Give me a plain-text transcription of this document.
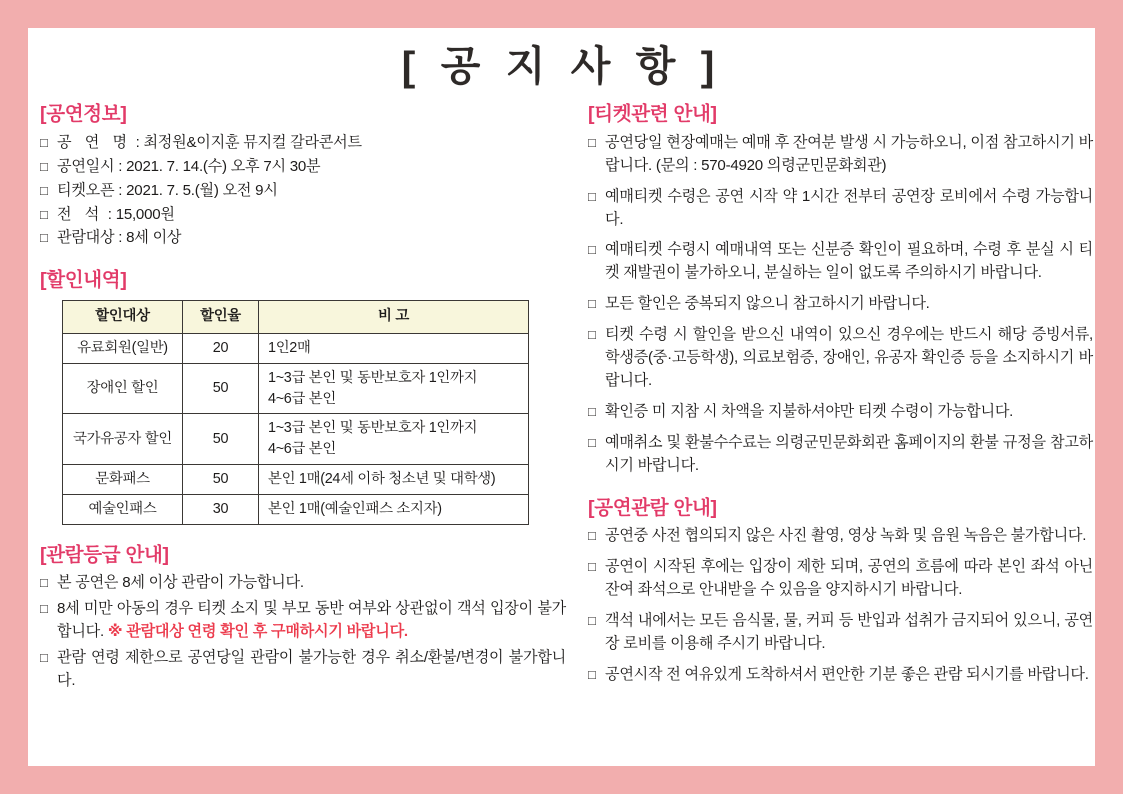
[ 공 지 사 항 ]
[공연정보]
□ 공 연 명 : 최정원&이지훈 뮤지컬 갈라콘서트
□ 공연일시 : 2021. 7. 14.(수) 오후 7시 30분
□ 티켓오픈 : 2021. 7. 5.(월) 오전 9시
□ 전 석 : 15,000원
□ 관람대상 : 8세 이상
[할인내역]
할인대상	할인율	비 고
유료회원(일반)	20	1인2매
장애인 할인	50	1~3급 본인 및 동반보호자 1인까지
4~6급 본인
국가유공자 할인	50	1~3급 본인 및 동반보호자 1인까지
4~6급 본인
문화패스	50	본인 1매(24세 이하 청소년 및 대학생)
예술인패스	30	본인 1매(예술인패스 소지자)
[관람등급 안내]
□ 본 공연은 8세 이상 관람이 가능합니다.
□ 8세 미만 아동의 경우 티켓 소지 및 부모 동반 여부와 상관없이 객석 입장이 불가 합니다. ※ 관람대상 연령 확인 후 구매하시기 바랍니다.
□ 관람 연령 제한으로 공연당일 관람이 불가능한 경우 취소/환불/변경이 불가합니다.
[티켓관련 안내]
□ 공연당일 현장예매는 예매 후 잔여분 발생 시 가능하오니, 이점 참고하시기 바랍니다. (문의 : 570-4920 의령군민문화회관)
□ 예매티켓 수령은 공연 시작 약 1시간 전부터 공연장 로비에서 수령 가능합니다.
□ 예매티켓 수령시 예매내역 또는 신분증 확인이 필요하며, 수령 후 분실 시 티켓 재발권이 불가하오니, 분실하는 일이 없도록 주의하시기 바랍니다.
□ 모든 할인은 중복되지 않으니 참고하시기 바랍니다.
□ 티켓 수령 시 할인을 받으신 내역이 있으신 경우에는 반드시 해당 증빙서류, 학생증(중·고등학생), 의료보험증, 장애인, 유공자 확인증 등을 소지하시기 바랍니다.
□ 확인증 미 지참 시 차액을 지불하셔야만 티켓 수령이 가능합니다.
□ 예매취소 및 환불수수료는 의령군민문화회관 홈페이지의 환불 규정을 참고하시기 바랍니다.
[공연관람 안내]
□ 공연중 사전 협의되지 않은 사진 촬영, 영상 녹화 및 음원 녹음은 불가합니다.
□ 공연이 시작된 후에는 입장이 제한 되며, 공연의 흐름에 따라 본인 좌석 아닌 잔여 좌석으로 안내받을 수 있음을 양지하시기 바랍니다.
□ 객석 내에서는 모든 음식물, 물, 커피 등 반입과 섭취가 금지되어 있으니, 공연장 로비를 이용해 주시기 바랍니다.
□ 공연시작 전 여유있게 도착하셔서 편안한 기분 좋은 관람 되시기를 바랍니다.
